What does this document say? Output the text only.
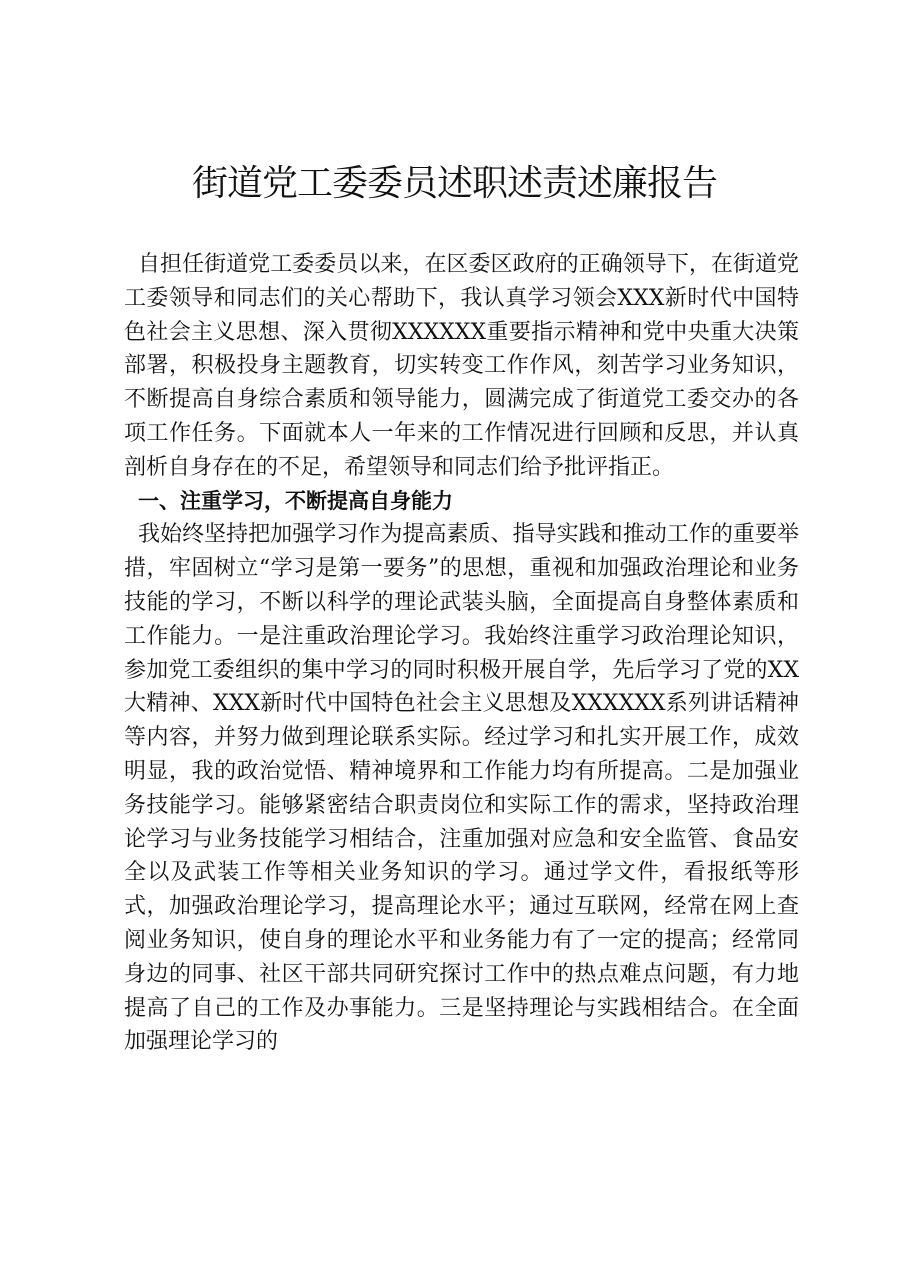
街道党工委委员述职述责述廉报告

自担任街道党工委委员以来，在区委区政府的正确领导下，在街道党工委领导和同志们的关心帮助下，我认真学习领会XXX新时代中国特色社会主义思想、深入贯彻XXXXXX重要指示精神和党中央重大决策部署，积极投身主题教育，切实转变工作作风，刻苦学习业务知识，不断提高自身综合素质和领导能力，圆满完成了街道党工委交办的各项工作任务。下面就本人一年来的工作情况进行回顾和反思，并认真剖析自身存在的不足，希望领导和同志们给予批评指正。

一、注重学习，不断提高自身能力

我始终坚持把加强学习作为提高素质、指导实践和推动工作的重要举措，牢固树立“学习是第一要务”的思想，重视和加强政治理论和业务技能的学习，不断以科学的理论武装头脑，全面提高自身整体素质和工作能力。一是注重政治理论学习。我始终注重学习政治理论知识，参加党工委组织的集中学习的同时积极开展自学，先后学习了党的XX大精神、XXX新时代中国特色社会主义思想及XXXXXX系列讲话精神等内容，并努力做到理论联系实际。经过学习和扎实开展工作，成效明显，我的政治觉悟、精神境界和工作能力均有所提高。二是加强业务技能学习。能够紧密结合职责岗位和实际工作的需求，坚持政治理论学习与业务技能学习相结合，注重加强对应急和安全监管、食品安全以及武装工作等相关业务知识的学习。通过学文件，看报纸等形式，加强政治理论学习，提高理论水平；通过互联网，经常在网上查阅业务知识，使自身的理论水平和业务能力有了一定的提高；经常同身边的同事、社区干部共同研究探讨工作中的热点难点问题，有力地提高了自己的工作及办事能力。三是坚持理论与实践相结合。在全面加强理论学习的
